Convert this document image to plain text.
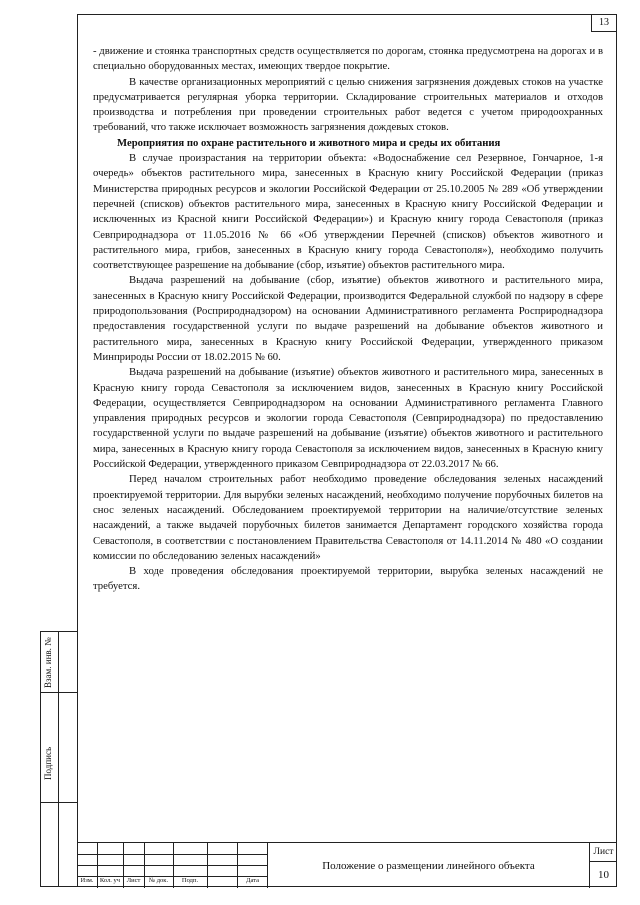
13

- движение и стоянка транспортных средств осуществляется по дорогам, стоянка предусмотрена на дорогах и в специально оборудованных местах, имеющих твердое покрытие.

В качестве организационных мероприятий с целью снижения загрязнения дождевых стоков на участке предусматривается регулярная уборка территории. Складирование строительных материалов и отходов производства и потребления при проведении строительных работ ведется с учетом природоохранных требований, что также исключает возможность загрязнения дождевых стоков.

Мероприятия по охране растительного и животного мира и среды их обитания

В случае произрастания на территории объекта: «Водоснабжение сел Резервное, Гончарное, 1-я очередь» объектов растительного мира, занесенных в Красную книгу Российской Федерации (приказ Министерства природных ресурсов и экологии Российской Федерации от 25.10.2005 № 289 «Об утверждении перечней (списков) объектов растительного мира, занесенных в Красную книгу Российской Федерации и исключенных из Красной книги Российской Федерации») и Красную книгу города Севастополя (приказ Севприроднадзора от 11.05.2016 № 66 «Об утверждении Перечней (списков) объектов животного и растительного мира, грибов, занесенных в Красную книгу города Севастополя»), необходимо получить соответствующее разрешение на добывание (сбор, изъятие) объектов растительного мира.

Выдача разрешений на добывание (сбор, изъятие) объектов животного и растительного мира, занесенных в Красную книгу Российской Федерации, производится Федеральной службой по надзору в сфере природопользования (Росприроднадзором) на основании Административного регламента Росприроднадзора предоставления государственной услуги по выдаче разрешений на добывание объектов животного и растительного мира, занесенных в Красную книгу Российской Федерации, утвержденного приказом Минприроды России от 18.02.2015 № 60.

Выдача разрешений на добывание (изъятие) объектов животного и растительного мира, занесенных в Красную книгу города Севастополя за исключением видов, занесенных в Красную книгу Российской Федерации, осуществляется Севприроднадзором на основании Административного регламента Главного управления природных ресурсов и экологии города Севастополя (Севприроднадзора) по предоставлению государственной услуги по выдаче разрешений на добывание (изъятие) объектов животного и растительного мира, занесенных в Красную книгу города Севастополя за исключением видов, занесенных в Красную книгу Российской Федерации, утвержденного приказом Севприроднадзора от 22.03.2017 № 66.

Перед началом строительных работ необходимо проведение обследования зеленых насаждений проектируемой территории. Для вырубки зеленых насаждений, необходимо получение порубочных билетов на снос зеленых насаждений. Обследованием проектируемой территории на наличие/отсутствие зеленых насаждений, а также выдачей порубочных билетов занимается Департамент городского хозяйства города Севастополя, в соответствии с постановлением Правительства Севастополя от 14.11.2014 № 480 «О создании комиссии по обследованию зеленых насаждений»

В ходе проведения обследования проектируемой территории, вырубка зеленых насаждений не требуется.

Взам. инв. №
Подпись
Изм. Кол. уч	Лист	№ док.	Подп.	Дата
Положение о размещении линейного объекта
Лист
10
